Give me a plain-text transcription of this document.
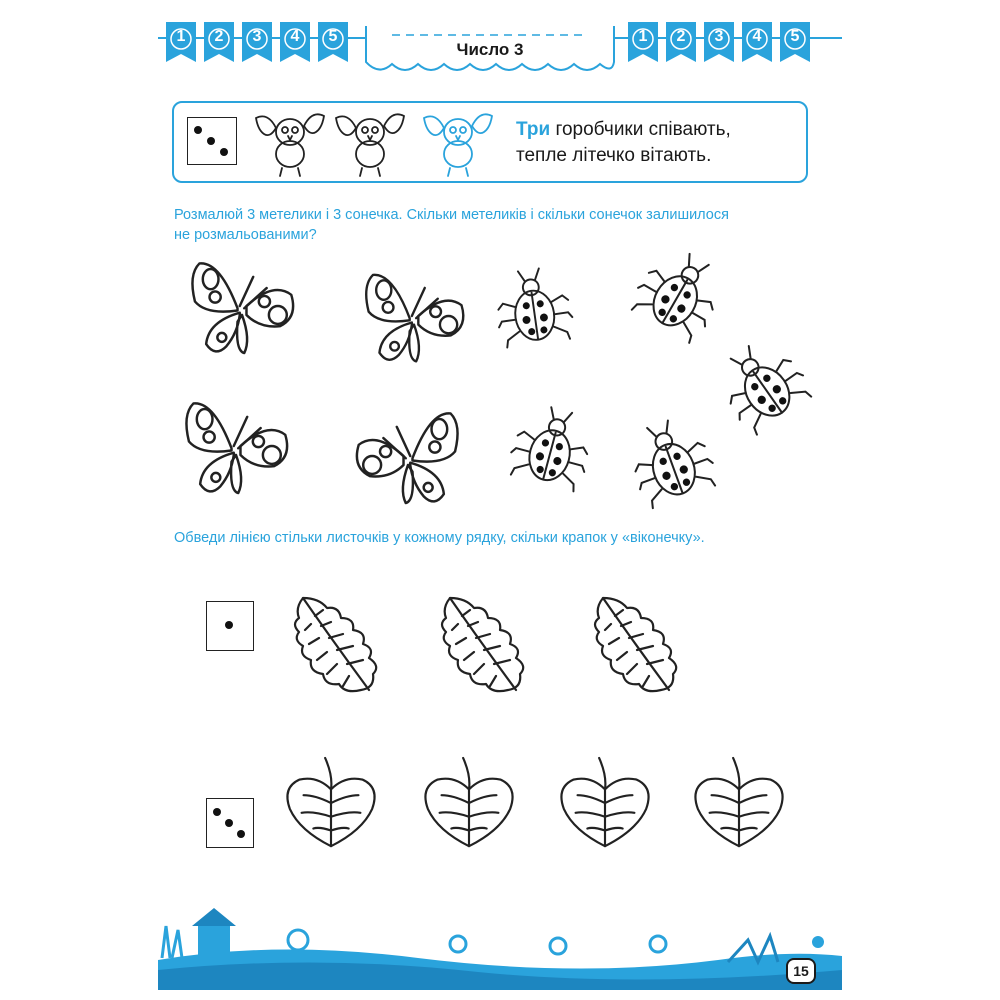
1	2	3	4	5	1	2	3	4	5
Число 3
Три горобчики співають,
тепле літечко вітають.
Розмалюй 3 метелики і 3 сонечка. Скільки метеликів і скільки сонечок залишилося
не розмальованими?
Обведи лінією стільки листочків у кожному рядку, скільки крапок у «віконечку».
15
